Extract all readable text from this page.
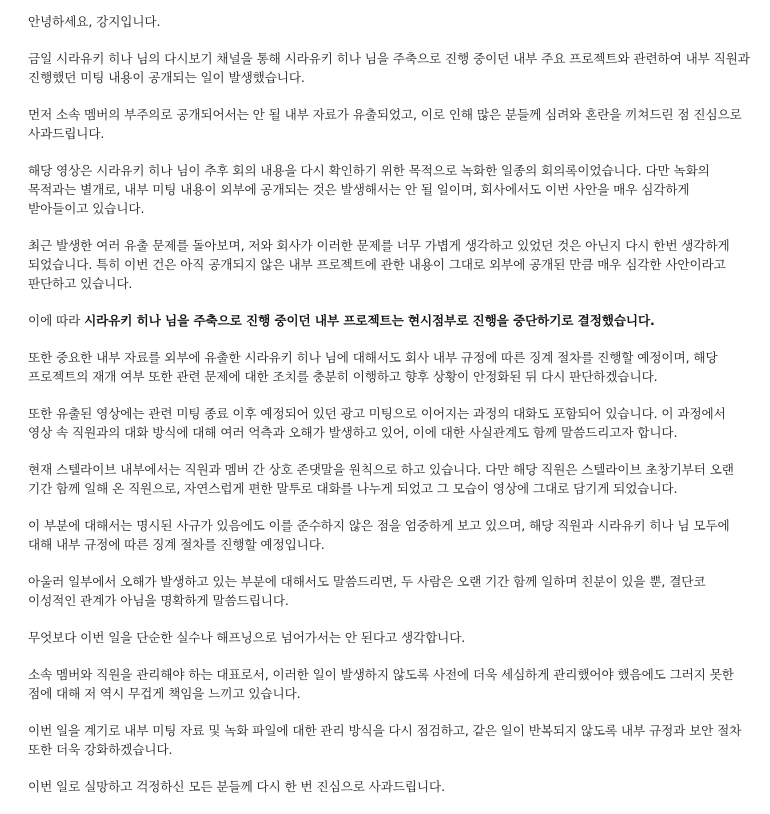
안녕하세요, 강지입니다.

금일 시라유키 히나 님의 다시보기 채널을 통해 시라유키 히나 님을 주축으로 진행 중이던 내부 주요 프로젝트와 관련하여 내부 직원과 진행했던 미팅 내용이 공개되는 일이 발생했습니다.

먼저 소속 멤버의 부주의로 공개되어서는 안 될 내부 자료가 유출되었고, 이로 인해 많은 분들께 심려와 혼란을 끼쳐드린 점 진심으로 사과드립니다.

해당 영상은 시라유키 히나 님이 추후 회의 내용을 다시 확인하기 위한 목적으로 녹화한 일종의 회의록이었습니다. 다만 녹화의 목적과는 별개로, 내부 미팅 내용이 외부에 공개되는 것은 발생해서는 안 될 일이며, 회사에서도 이번 사안을 매우 심각하게 받아들이고 있습니다.

최근 발생한 여러 유출 문제를 돌아보며, 저와 회사가 이러한 문제를 너무 가볍게 생각하고 있었던 것은 아닌지 다시 한번 생각하게 되었습니다. 특히 이번 건은 아직 공개되지 않은 내부 프로젝트에 관한 내용이 그대로 외부에 공개된 만큼 매우 심각한 사안이라고 판단하고 있습니다.

이에 따라 시라유키 히나 님을 주축으로 진행 중이던 내부 프로젝트는 현시점부로 진행을 중단하기로 결정했습니다.

또한 중요한 내부 자료를 외부에 유출한 시라유키 히나 님에 대해서도 회사 내부 규정에 따른 징계 절차를 진행할 예정이며, 해당 프로젝트의 재개 여부 또한 관련 문제에 대한 조치를 충분히 이행하고 향후 상황이 안정화된 뒤 다시 판단하겠습니다.

또한 유출된 영상에는 관련 미팅 종료 이후 예정되어 있던 광고 미팅으로 이어지는 과정의 대화도 포함되어 있습니다. 이 과정에서 영상 속 직원과의 대화 방식에 대해 여러 억측과 오해가 발생하고 있어, 이에 대한 사실관계도 함께 말씀드리고자 합니다.

현재 스텔라이브 내부에서는 직원과 멤버 간 상호 존댓말을 원칙으로 하고 있습니다. 다만 해당 직원은 스텔라이브 초창기부터 오랜 기간 함께 일해 온 직원으로, 자연스럽게 편한 말투로 대화를 나누게 되었고 그 모습이 영상에 그대로 담기게 되었습니다.

이 부분에 대해서는 명시된 사규가 있음에도 이를 준수하지 않은 점을 엄중하게 보고 있으며, 해당 직원과 시라유키 히나 님 모두에 대해 내부 규정에 따른 징계 절차를 진행할 예정입니다.

아울러 일부에서 오해가 발생하고 있는 부분에 대해서도 말씀드리면, 두 사람은 오랜 기간 함께 일하며 친분이 있을 뿐, 결단코 이성적인 관계가 아님을 명확하게 말씀드립니다.

무엇보다 이번 일을 단순한 실수나 해프닝으로 넘어가서는 안 된다고 생각합니다.

소속 멤버와 직원을 관리해야 하는 대표로서, 이러한 일이 발생하지 않도록 사전에 더욱 세심하게 관리했어야 했음에도 그러지 못한 점에 대해 저 역시 무겁게 책임을 느끼고 있습니다.

이번 일을 계기로 내부 미팅 자료 및 녹화 파일에 대한 관리 방식을 다시 점검하고, 같은 일이 반복되지 않도록 내부 규정과 보안 절차 또한 더욱 강화하겠습니다.

이번 일로 실망하고 걱정하신 모든 분들께 다시 한 번 진심으로 사과드립니다.
